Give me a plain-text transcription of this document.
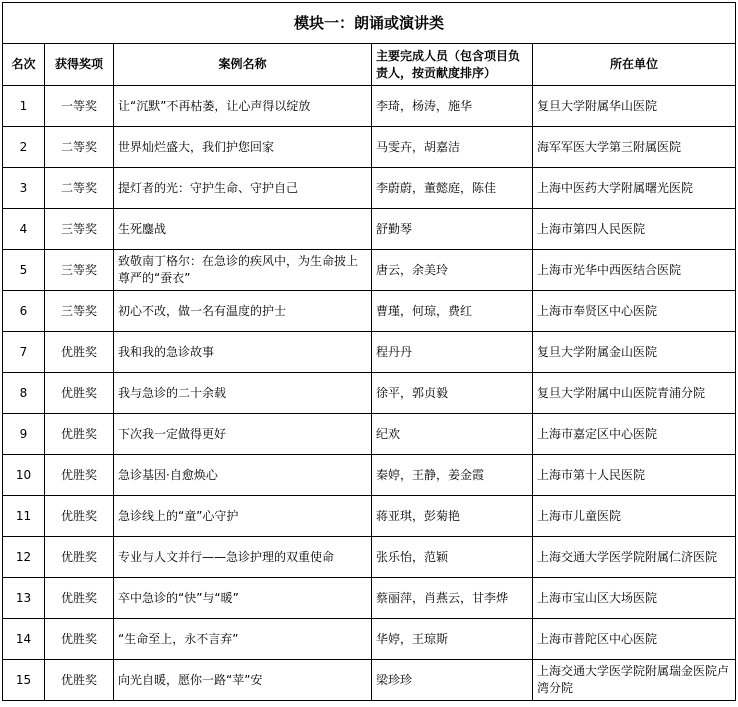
模块一：朗诵或演讲类				
名次	获得奖项	案例名称	主要完成人员（包含项目负责人，按贡献度排序）	所在单位
1	一等奖	让“沉默”不再枯萎，让心声得以绽放	李琦，杨涛，施华	复旦大学附属华山医院
2	二等奖	世界灿烂盛大，我们护您回家	马雯卉，胡嘉洁	海军军医大学第三附属医院
3	二等奖	提灯者的光：守护生命、守护自己	李蔚蔚，董懿庭，陈佳	上海中医药大学附属曙光医院
4	三等奖	生死鏖战	舒勤琴	上海市第四人民医院
5	三等奖	致敬南丁格尔：在急诊的疾风中，为生命披上尊严的“蚕衣”	唐云，余美玲	上海市光华中西医结合医院
6	三等奖	初心不改，做一名有温度的护士	曹瑾，何琼，费红	上海市奉贤区中心医院
7	优胜奖	我和我的急诊故事	程丹丹	复旦大学附属金山医院
8	优胜奖	我与急诊的二十余载	徐平，郭贞毅	复旦大学附属中山医院青浦分院
9	优胜奖	下次我一定做得更好	纪欢	上海市嘉定区中心医院
10	优胜奖	急诊基因·自愈焕心	秦婷，王静，姜金霞	上海市第十人民医院
11	优胜奖	急诊线上的“童”心守护	蒋亚琪，彭菊艳	上海市儿童医院
12	优胜奖	专业与人文并行——急诊护理的双重使命	张乐怡，范颖	上海交通大学医学院附属仁济医院
13	优胜奖	卒中急诊的“快”与“暖”	蔡丽萍，肖燕云，甘李烨	上海市宝山区大场医院
14	优胜奖	“生命至上，永不言弃”	华婷，王琼斯	上海市普陀区中心医院
15	优胜奖	向光自暖，愿你一路“苹”安	梁珍珍	上海交通大学医学院附属瑞金医院卢湾分院
